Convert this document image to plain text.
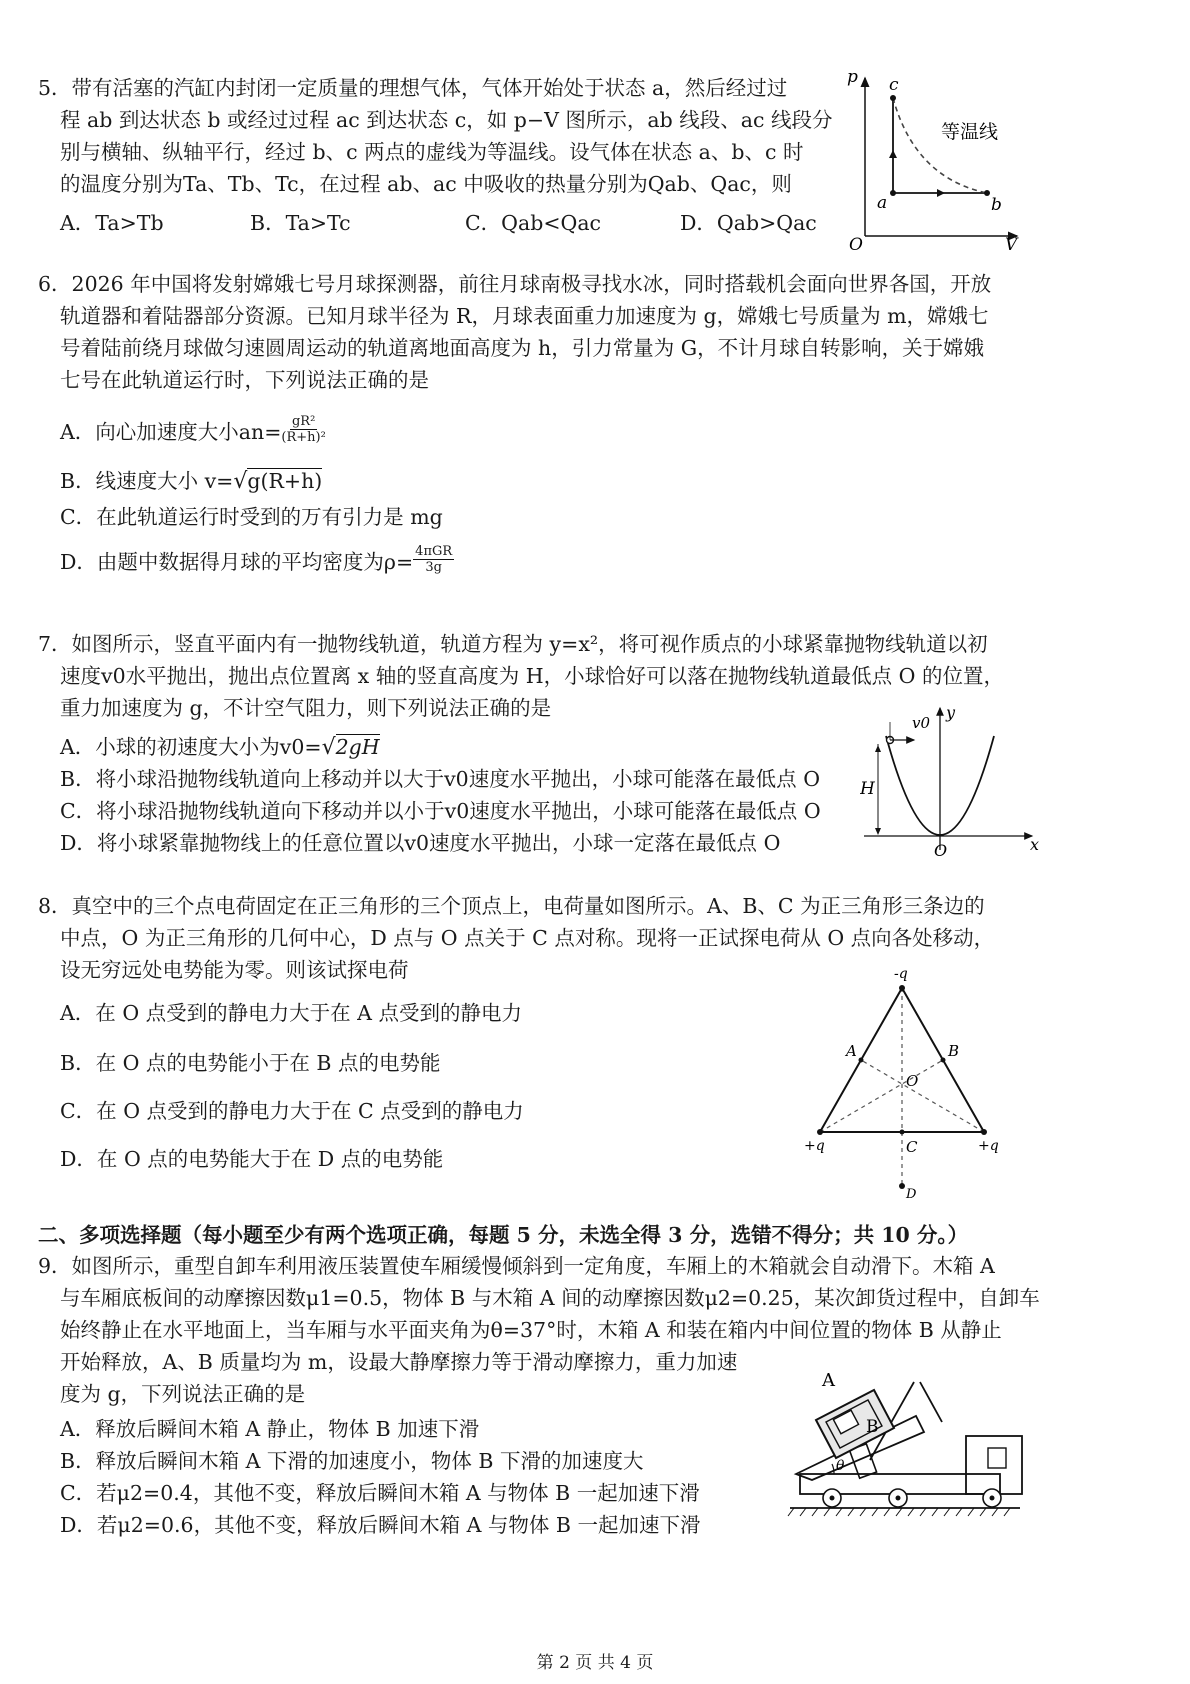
5．带有活塞的汽缸内封闭一定质量的理想气体，气体开始处于状态 a，然后经过过
程 ab 到达状态 b 或经过过程 ac 到达状态 c，如 p−V 图所示，ab 线段、ac 线段分
别与横轴、纵轴平行，经过 b、c 两点的虚线为等温线。设气体在状态 a、b、c 时
的温度分别为Ta、Tb、Tc，在过程 ab、ac 中吸收的热量分别为Qab、Qac，则
A．Ta>Tb	B．Ta>Tc	C．Qab<Qac	D．Qab>Qac
p
V
O
a	b
c
等温线
6．2026 年中国将发射嫦娥七号月球探测器，前往月球南极寻找水冰，同时搭载机会面向世界各国，开放
轨道器和着陆器部分资源。已知月球半径为 R，月球表面重力加速度为 g，嫦娥七号质量为 m，嫦娥七
号着陆前绕月球做匀速圆周运动的轨道离地面高度为 h，引力常量为 G，不计月球自转影响，关于嫦娥
七号在此轨道运行时，下列说法正确的是
A．向心加速度大小$an= \frac{\text{gR²}}{\text{(R+h)²}}$
B．线速度大小 v=√g(R+h)
C．在此轨道运行时受到的万有引力是 mg
D．由题中数据得月球的平均密度为ρ= 4πGR
3g
7．如图所示，竖直平面内有一抛物线轨道，轨道方程为 y=x²，将可视作质点的小球紧靠抛物线轨道以初
速度v0水平抛出，抛出点位置离 x 轴的竖直高度为 H，小球恰好可以落在抛物线轨道最低点 O 的位置，
重力加速度为 g，不计空气阻力，则下列说法正确的是
A．小球的初速度大小为v0=√2gH
B．将小球沿抛物线轨道向上移动并以大于v0速度水平抛出，小球可能落在最低点 O
C．将小球沿抛物线轨道向下移动并以小于v0速度水平抛出，小球可能落在最低点 O
D．将小球紧靠抛物线上的任意位置以v0速度水平抛出，小球一定落在最低点 O
v0
y
x
H
O
8．真空中的三个点电荷固定在正三角形的三个顶点上，电荷量如图所示。A、B、C 为正三角形三条边的
中点，O 为正三角形的几何中心，D 点与 O 点关于 C 点对称。现将一正试探电荷从 O 点向各处移动，
设无穷远处电势能为零。则该试探电荷
A．在 O 点受到的静电力大于在 A 点受到的静电力
B．在 O 点的电势能小于在 B 点的电势能
C．在 O 点受到的静电力大于在 C 点受到的静电力
D．在 O 点的电势能大于在 D 点的电势能
-q
+q	+q
A	B
C
O
D
二、多项选择题（每小题至少有两个选项正确，每题 5 分，未选全得 3 分，选错不得分；共 10 分。）
9．如图所示，重型自卸车利用液压装置使车厢缓慢倾斜到一定角度，车厢上的木箱就会自动滑下。木箱 A
与车厢底板间的动摩擦因数μ1=0.5，物体 B 与木箱 A 间的动摩擦因数μ2=0.25，某次卸货过程中，自卸车
始终静止在水平地面上，当车厢与水平面夹角为θ=37°时，木箱 A 和装在箱内中间位置的物体 B 从静止
开始释放，A、B 质量均为 m，设最大静摩擦力等于滑动摩擦力，重力加速
度为 g，下列说法正确的是
A．释放后瞬间木箱 A 静止，物体 B 加速下滑
B．释放后瞬间木箱 A 下滑的加速度小，物体 B 下滑的加速度大
C．若μ2=0.4，其他不变，释放后瞬间木箱 A 与物体 B 一起加速下滑
D．若μ2=0.6，其他不变，释放后瞬间木箱 A 与物体 B 一起加速下滑
A
B
θ
第 2 页 共 4 页
